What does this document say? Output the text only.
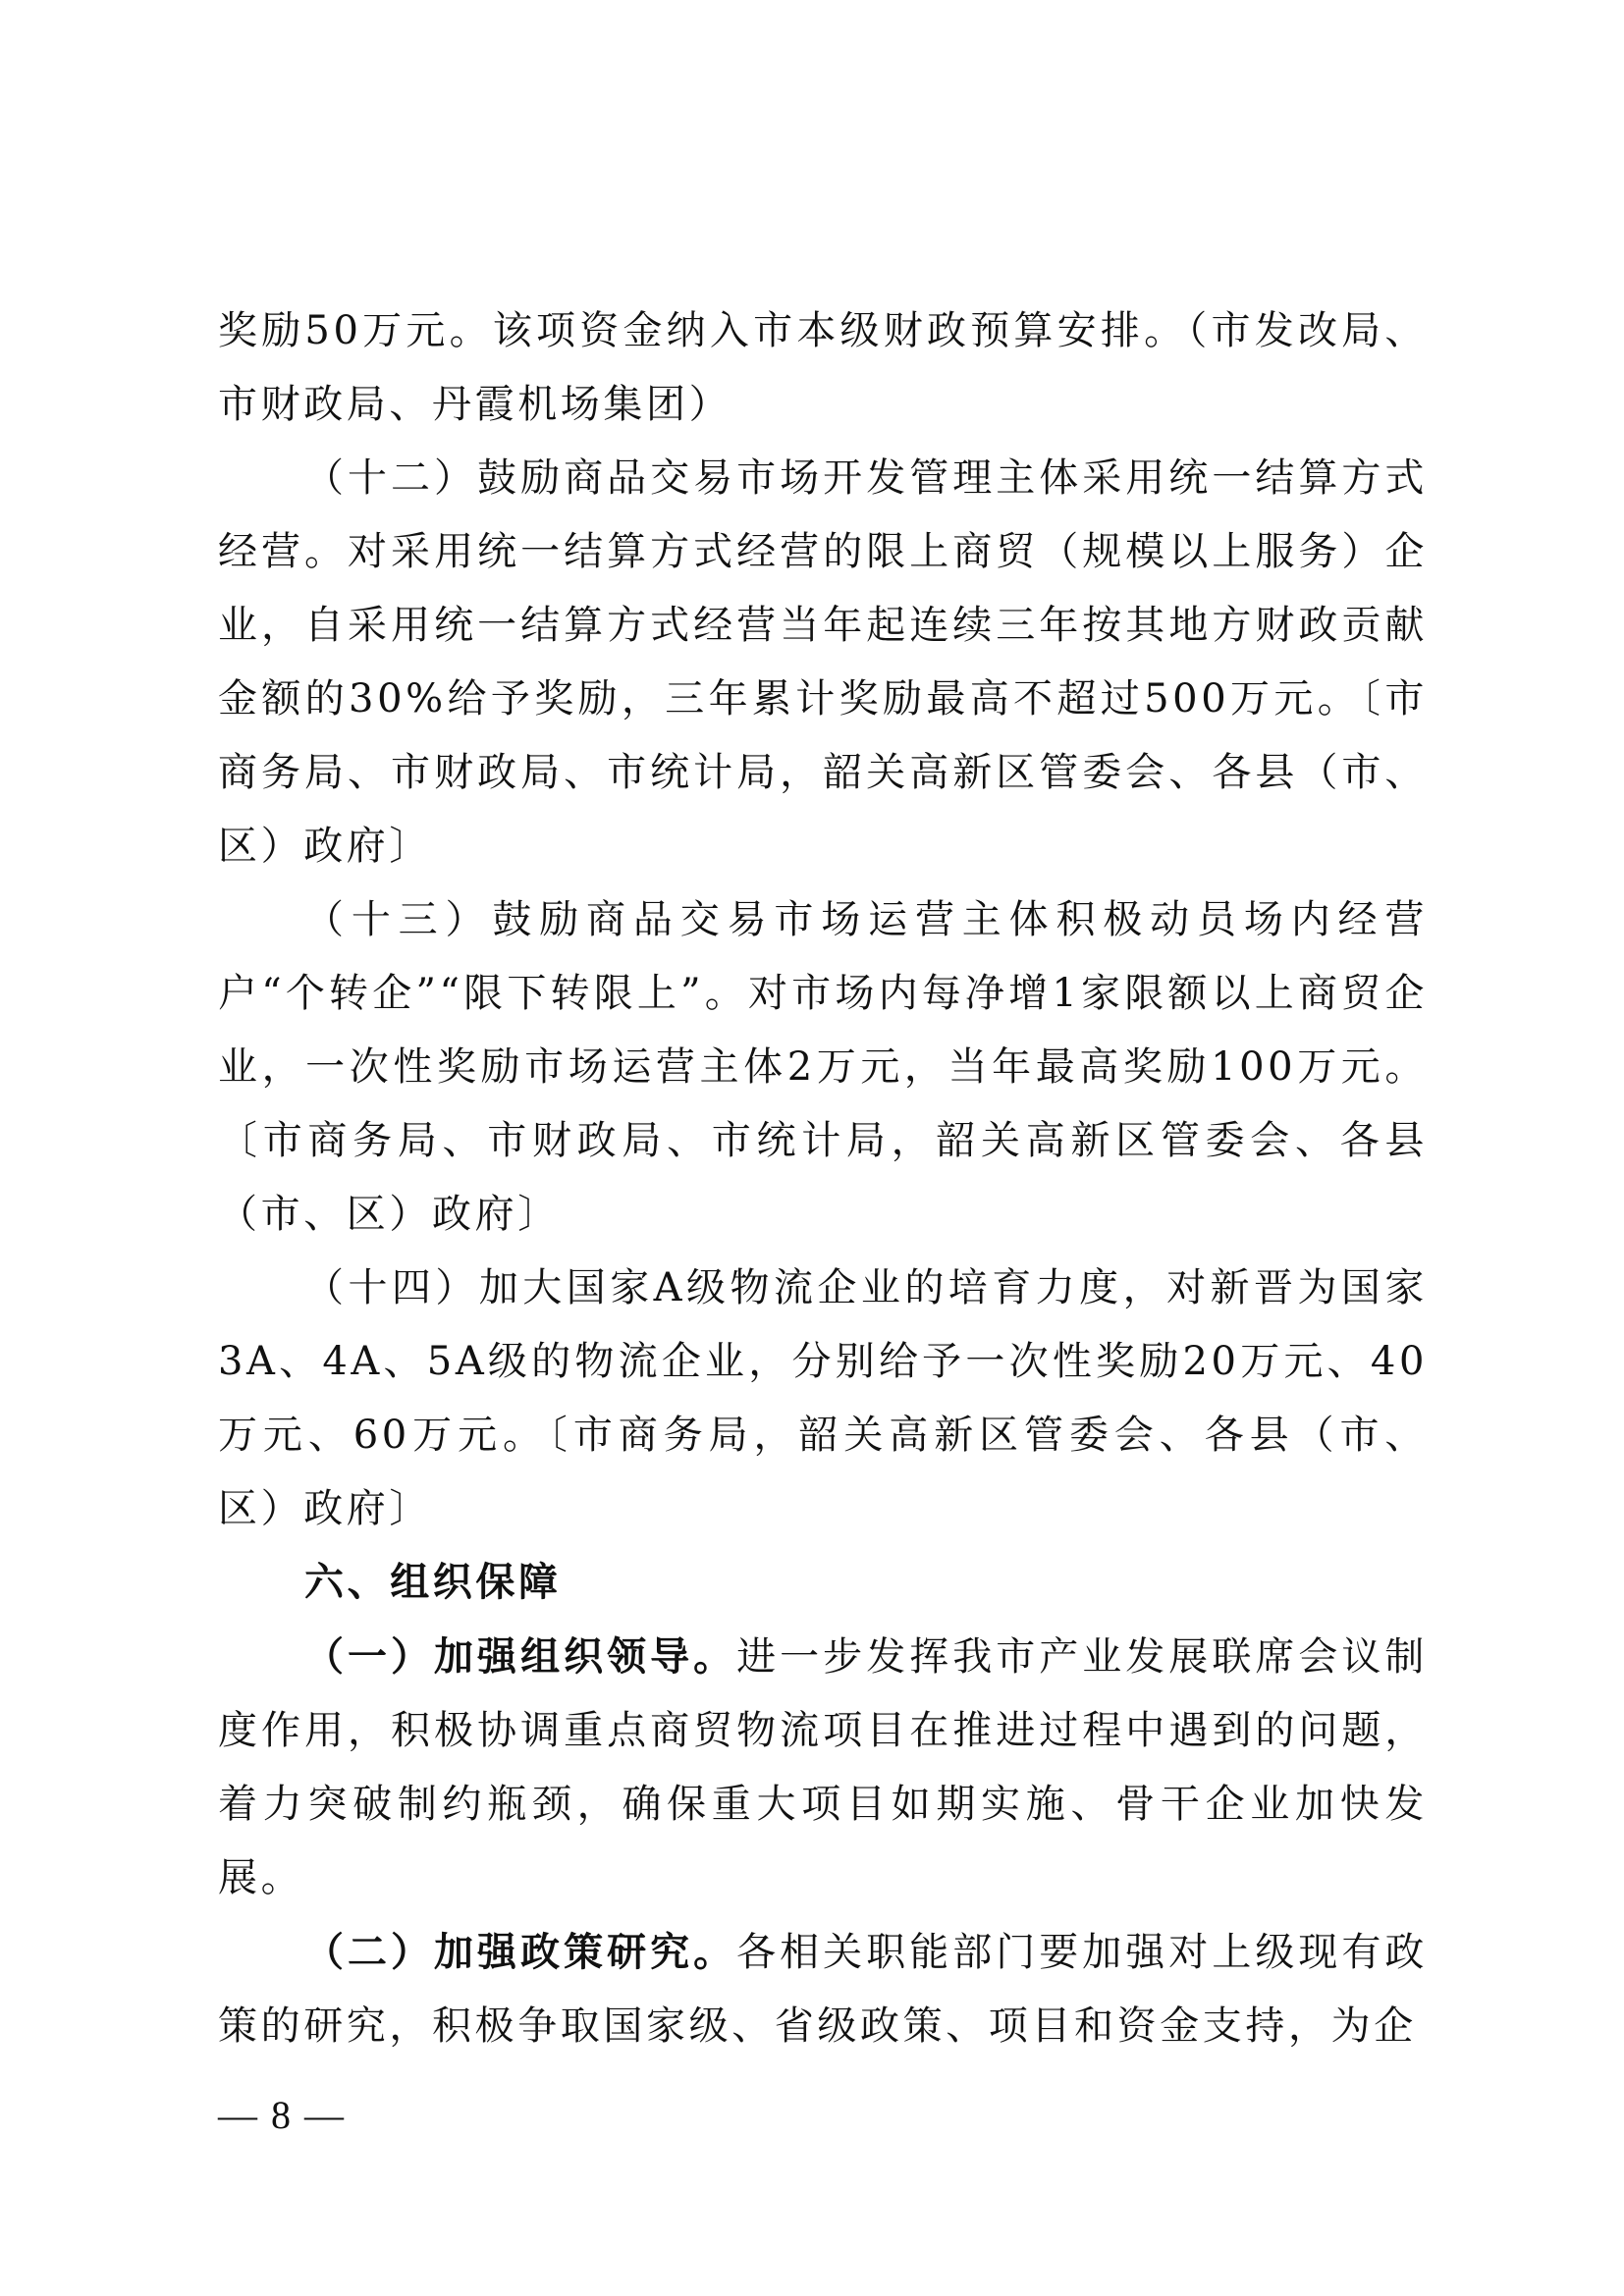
奖励50万元。该项资金纳入市本级财政预算安排。（市发改局、市财政局、丹霞机场集团）

（十二）鼓励商品交易市场开发管理主体采用统一结算方式经营。对采用统一结算方式经营的限上商贸（规模以上服务）企业，自采用统一结算方式经营当年起连续三年按其地方财政贡献金额的30%给予奖励，三年累计奖励最高不超过500万元。〔市商务局、市财政局、市统计局，韶关高新区管委会、各县（市、区）政府〕

（十三）鼓励商品交易市场运营主体积极动员场内经营户“个转企”“限下转限上”。对市场内每净增1家限额以上商贸企业，一次性奖励市场运营主体2万元，当年最高奖励100万元。〔市商务局、市财政局、市统计局，韶关高新区管委会、各县（市、区）政府〕

（十四）加大国家A级物流企业的培育力度，对新晋为国家3A、4A、5A级的物流企业，分别给予一次性奖励20万元、40万元、60万元。〔市商务局，韶关高新区管委会、各县（市、区）政府〕

六、组织保障

（一）加强组织领导。进一步发挥我市产业发展联席会议制度作用，积极协调重点商贸物流项目在推进过程中遇到的问题，着力突破制约瓶颈，确保重大项目如期实施、骨干企业加快发展。

（二）加强政策研究。各相关职能部门要加强对上级现有政策的研究，积极争取国家级、省级政策、项目和资金支持，为企

— 8 —
